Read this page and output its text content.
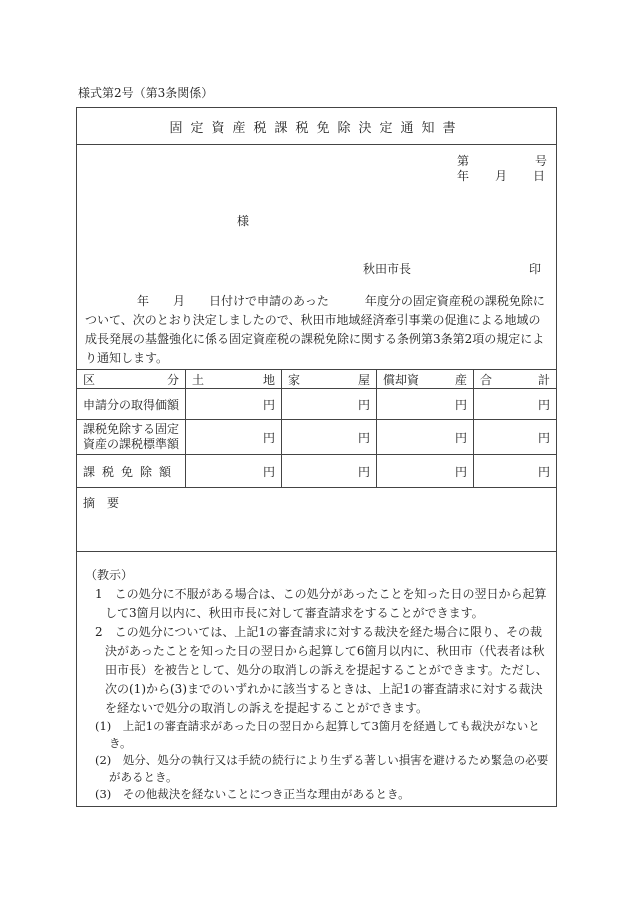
様式第2号（第3条関係）
固定資産税課税免除決定通知書
第	号
年 月 日
様
秋田市長	印
年　　月　　日付けで申請のあった　　　年度分の固定資産税の課税免除について、次のとおり決定しましたので、秋田市地域経済牽引事業の促進による地域の成長発展の基盤強化に係る固定資産税の課税免除に関する条例第3条第2項の規定により通知します。
区 分	土 地	家 屋	償却資 産	合 計

申請分の取得価額	円	円	円	円

課税免除する固定
資産の課税標準額	円	円	円	円
課税免除額	円	円	円	円
摘　要

（教示）

1　この処分に不服がある場合は、この処分があったことを知った日の翌日から起算して3箇月以内に、秋田市長に対して審査請求をすることができます。

2　この処分については、上記1の審査請求に対する裁決を経た場合に限り、その裁決があったことを知った日の翌日から起算して6箇月以内に、秋田市（代表者は秋田市長）を被告として、処分の取消しの訴えを提起することができます。ただし、次の(1)から(3)までのいずれかに該当するときは、上記1の審査請求に対する裁決を経ないで処分の取消しの訴えを提起することができます。

(1)　上記1の審査請求があった日の翌日から起算して3箇月を経過しても裁決がないとき。

(2)　処分、処分の執行又は手続の続行により生ずる著しい損害を避けるため緊急の必要があるとき。

(3)　その他裁決を経ないことにつき正当な理由があるとき。
